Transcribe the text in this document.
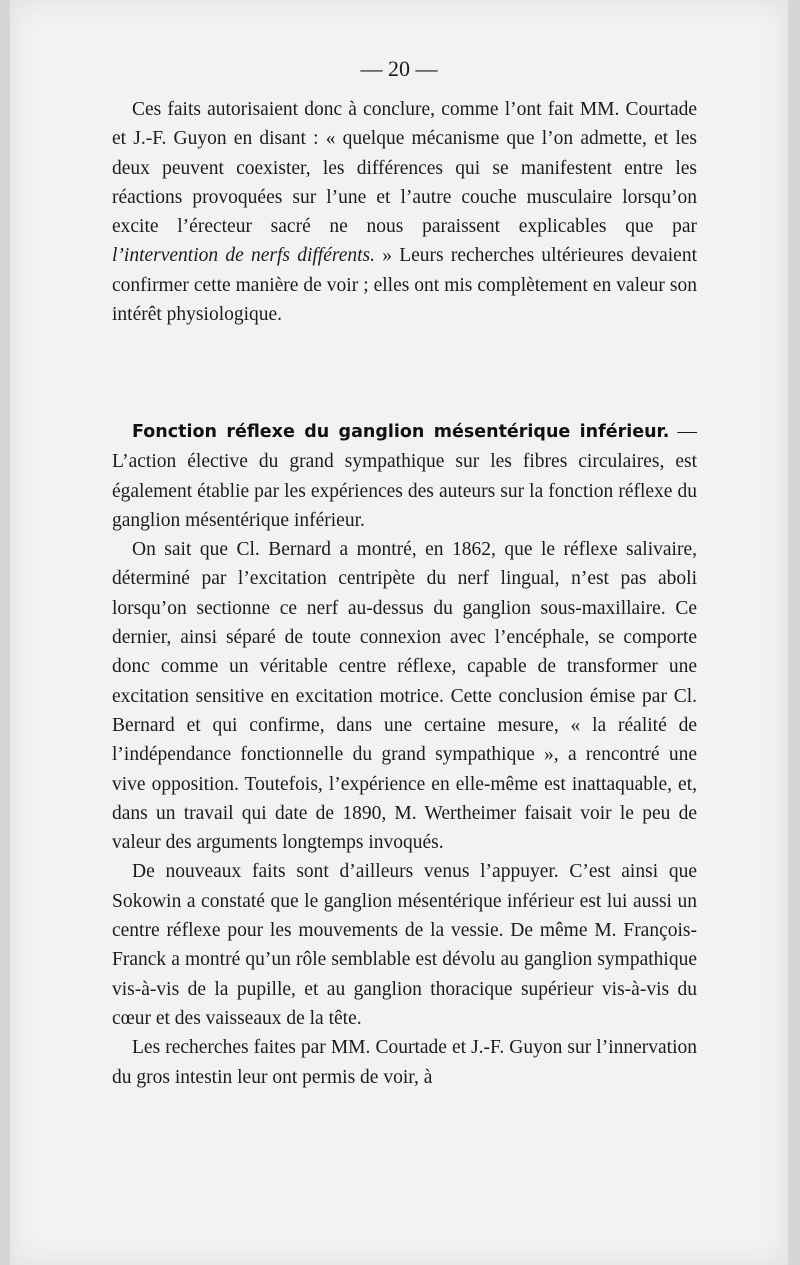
— 20 —

Ces faits autorisaient donc à conclure, comme l’ont fait MM. Courtade et J.-F. Guyon en disant : « quelque mécanisme que l’on admette, et les deux peuvent coexister, les différences qui se manifestent entre les réactions provoquées sur l’une et l’autre couche musculaire lorsqu’on excite l’érecteur sacré ne nous paraissent explicables que par l’intervention de nerfs différents. » Leurs recherches ultérieures devaient confirmer cette manière de voir ; elles ont mis complètement en valeur son intérêt physiologique.

Fonction réflexe du ganglion mésentérique inférieur. — L’action élective du grand sympathique sur les fibres circulaires, est également établie par les expériences des auteurs sur la fonction réflexe du ganglion mésentérique inférieur.

On sait que Cl. Bernard a montré, en 1862, que le réflexe salivaire, déterminé par l’excitation centripète du nerf lingual, n’est pas aboli lorsqu’on sectionne ce nerf au-dessus du ganglion sous-maxillaire. Ce dernier, ainsi séparé de toute connexion avec l’encéphale, se comporte donc comme un véritable centre réflexe, capable de transformer une excitation sensitive en excitation motrice. Cette conclusion émise par Cl. Bernard et qui confirme, dans une certaine mesure, « la réalité de l’indépendance fonctionnelle du grand sympathique », a rencontré une vive opposition. Toutefois, l’expérience en elle-même est inattaquable, et, dans un travail qui date de 1890, M. Wertheimer faisait voir le peu de valeur des arguments longtemps invoqués.

De nouveaux faits sont d’ailleurs venus l’appuyer. C’est ainsi que Sokowin a constaté que le ganglion mésentérique inférieur est lui aussi un centre réflexe pour les mouvements de la vessie. De même M. François-Franck a montré qu’un rôle semblable est dévolu au ganglion sympathique vis-à-vis de la pupille, et au ganglion thoracique supérieur vis-à-vis du cœur et des vaisseaux de la tête.

Les recherches faites par MM. Courtade et J.-F. Guyon sur l’innervation du gros intestin leur ont permis de voir, à
